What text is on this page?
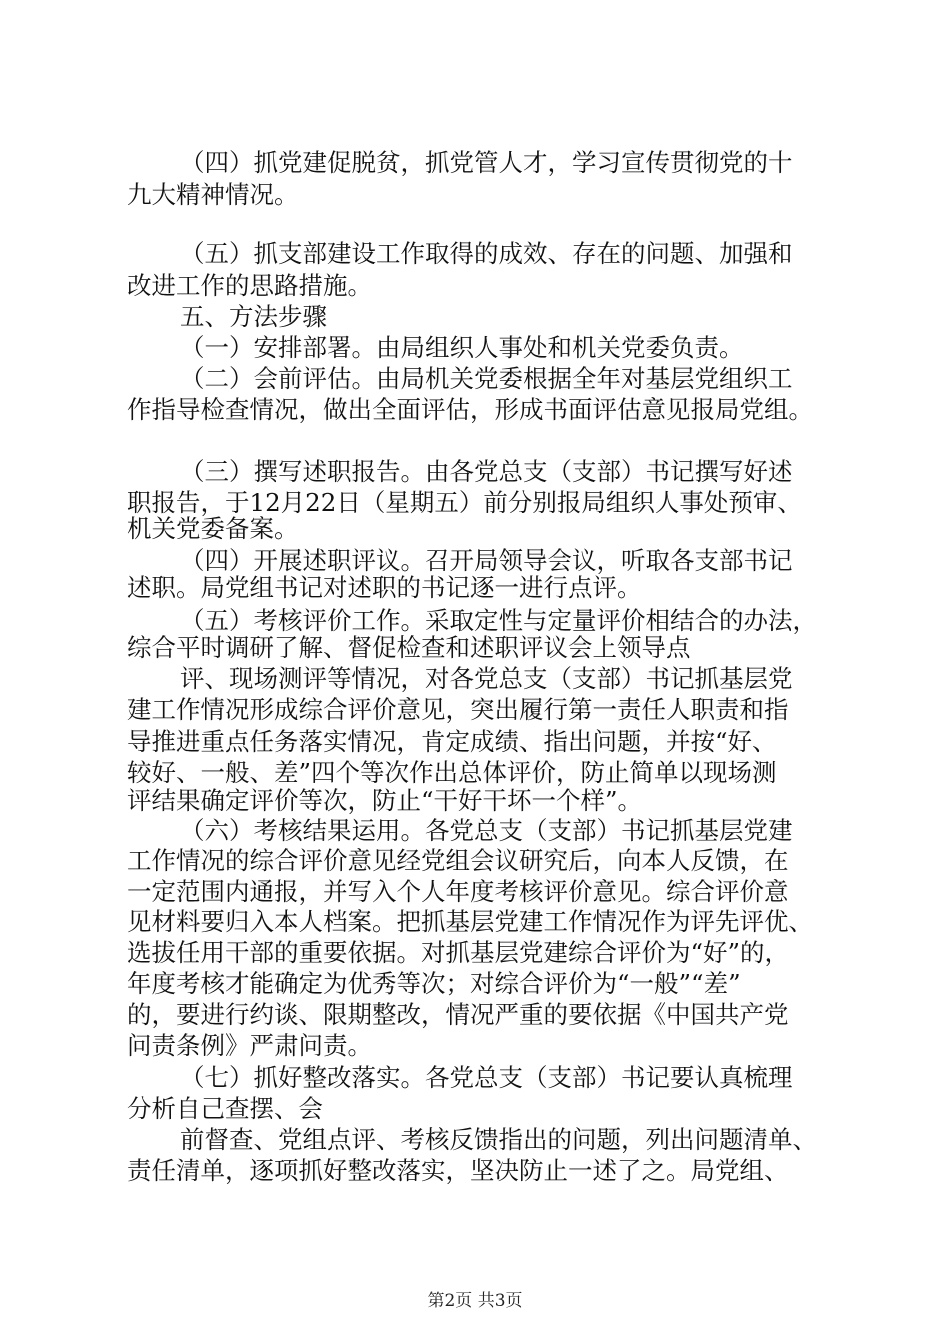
（四）抓党建促脱贫，抓党管人才，学习宣传贯彻党的十
九大精神情况。
（五）抓支部建设工作取得的成效、存在的问题、加强和
改进工作的思路措施。
五、方法步骤
（一）安排部署。由局组织人事处和机关党委负责。
（二）会前评估。由局机关党委根据全年对基层党组织工
作指导检查情况，做出全面评估，形成书面评估意见报局党组。
（三）撰写述职报告。由各党总支（支部）书记撰写好述
职报告，于12月22日（星期五）前分别报局组织人事处预审、
机关党委备案。
（四）开展述职评议。召开局领导会议，听取各支部书记
述职。局党组书记对述职的书记逐一进行点评。
（五）考核评价工作。采取定性与定量评价相结合的办法，
综合平时调研了解、督促检查和述职评议会上领导点
评、现场测评等情况，对各党总支（支部）书记抓基层党
建工作情况形成综合评价意见，突出履行第一责任人职责和指
导推进重点任务落实情况，肯定成绩、指出问题，并按“好、
较好、一般、差”四个等次作出总体评价，防止简单以现场测
评结果确定评价等次，防止“干好干坏一个样”。
（六）考核结果运用。各党总支（支部）书记抓基层党建
工作情况的综合评价意见经党组会议研究后，向本人反馈，在
一定范围内通报，并写入个人年度考核评价意见。综合评价意
见材料要归入本人档案。把抓基层党建工作情况作为评先评优、
选拔任用干部的重要依据。对抓基层党建综合评价为“好”的，
年度考核才能确定为优秀等次；对综合评价为“一般”“差”
的，要进行约谈、限期整改，情况严重的要依据《中国共产党
问责条例》严肃问责。
（七）抓好整改落实。各党总支（支部）书记要认真梳理
分析自己查摆、会
前督查、党组点评、考核反馈指出的问题，列出问题清单、
责任清单，逐项抓好整改落实，坚决防止一述了之。局党组、
第2页 共3页
